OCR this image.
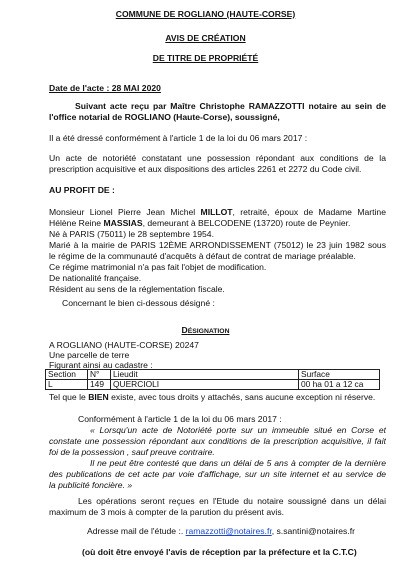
COMMUNE DE ROGLIANO (HAUTE-CORSE)
AVIS DE CRÉATION
DE TITRE DE PROPRIÉTÉ
Date de l'acte : 28 MAI 2020
Suivant acte reçu par Maître Christophe RAMAZZOTTI notaire au sein de
l'office notarial de ROGLIANO (Haute-Corse), soussigné,
Il a été dressé conformément à l'article 1 de la loi du 06 mars 2017 :
Un acte de notoriété constatant une possession répondant aux conditions de la
prescription acquisitive et aux dispositions des articles 2261 et 2272 du Code civil.
AU PROFIT DE :
Monsieur Lionel Pierre Jean Michel MILLOT, retraité, époux de Madame Martine
Hélène Reine MASSIAS, demeurant à BELCODENE (13720) route de Peynier.
Né à PARIS (75011) le 28 septembre 1954.
Marié à la mairie de PARIS 12ÈME ARRONDISSEMENT (75012) le 23 juin 1982 sous
le régime de la communauté d'acquêts à défaut de contrat de mariage préalable.
Ce régime matrimonial n'a pas fait l'objet de modification.
De nationalité française.
Résident au sens de la réglementation fiscale.
Concernant le bien ci-dessous désigné :
DÉSIGNATION
A ROGLIANO (HAUTE-CORSE) 20247
Une parcelle de terre
Figurant ainsi au cadastre :
Section	N°	Lieudit	Surface
L	149	QUERCIOLI	00 ha 01 a 12 ca
Tel que le BIEN existe, avec tous droits y attachés, sans aucune exception ni réserve.
Conformément à l'article 1 de la loi du 06 mars 2017 :
« Lorsqu'un acte de Notoriété porte sur un immeuble situé en Corse et
constate une possession répondant aux conditions de la prescription acquisitive, il fait
foi de la possession , sauf preuve contraire.
Il ne peut être contesté que dans un délai de 5 ans à compter de la dernière
des publications de cet acte par voie d'affichage, sur un site internet et au service de
la publicité foncière. »
Les opérations seront reçues en l'Etude du notaire soussigné dans un délai
maximum de 3 mois à compter de la parution du présent avis.
Adresse mail de l'étude :. ramazzotti@notaires.fr, s.santini@notaires.fr
(où doit être envoyé l'avis de réception par la préfecture et la C.T.C)
